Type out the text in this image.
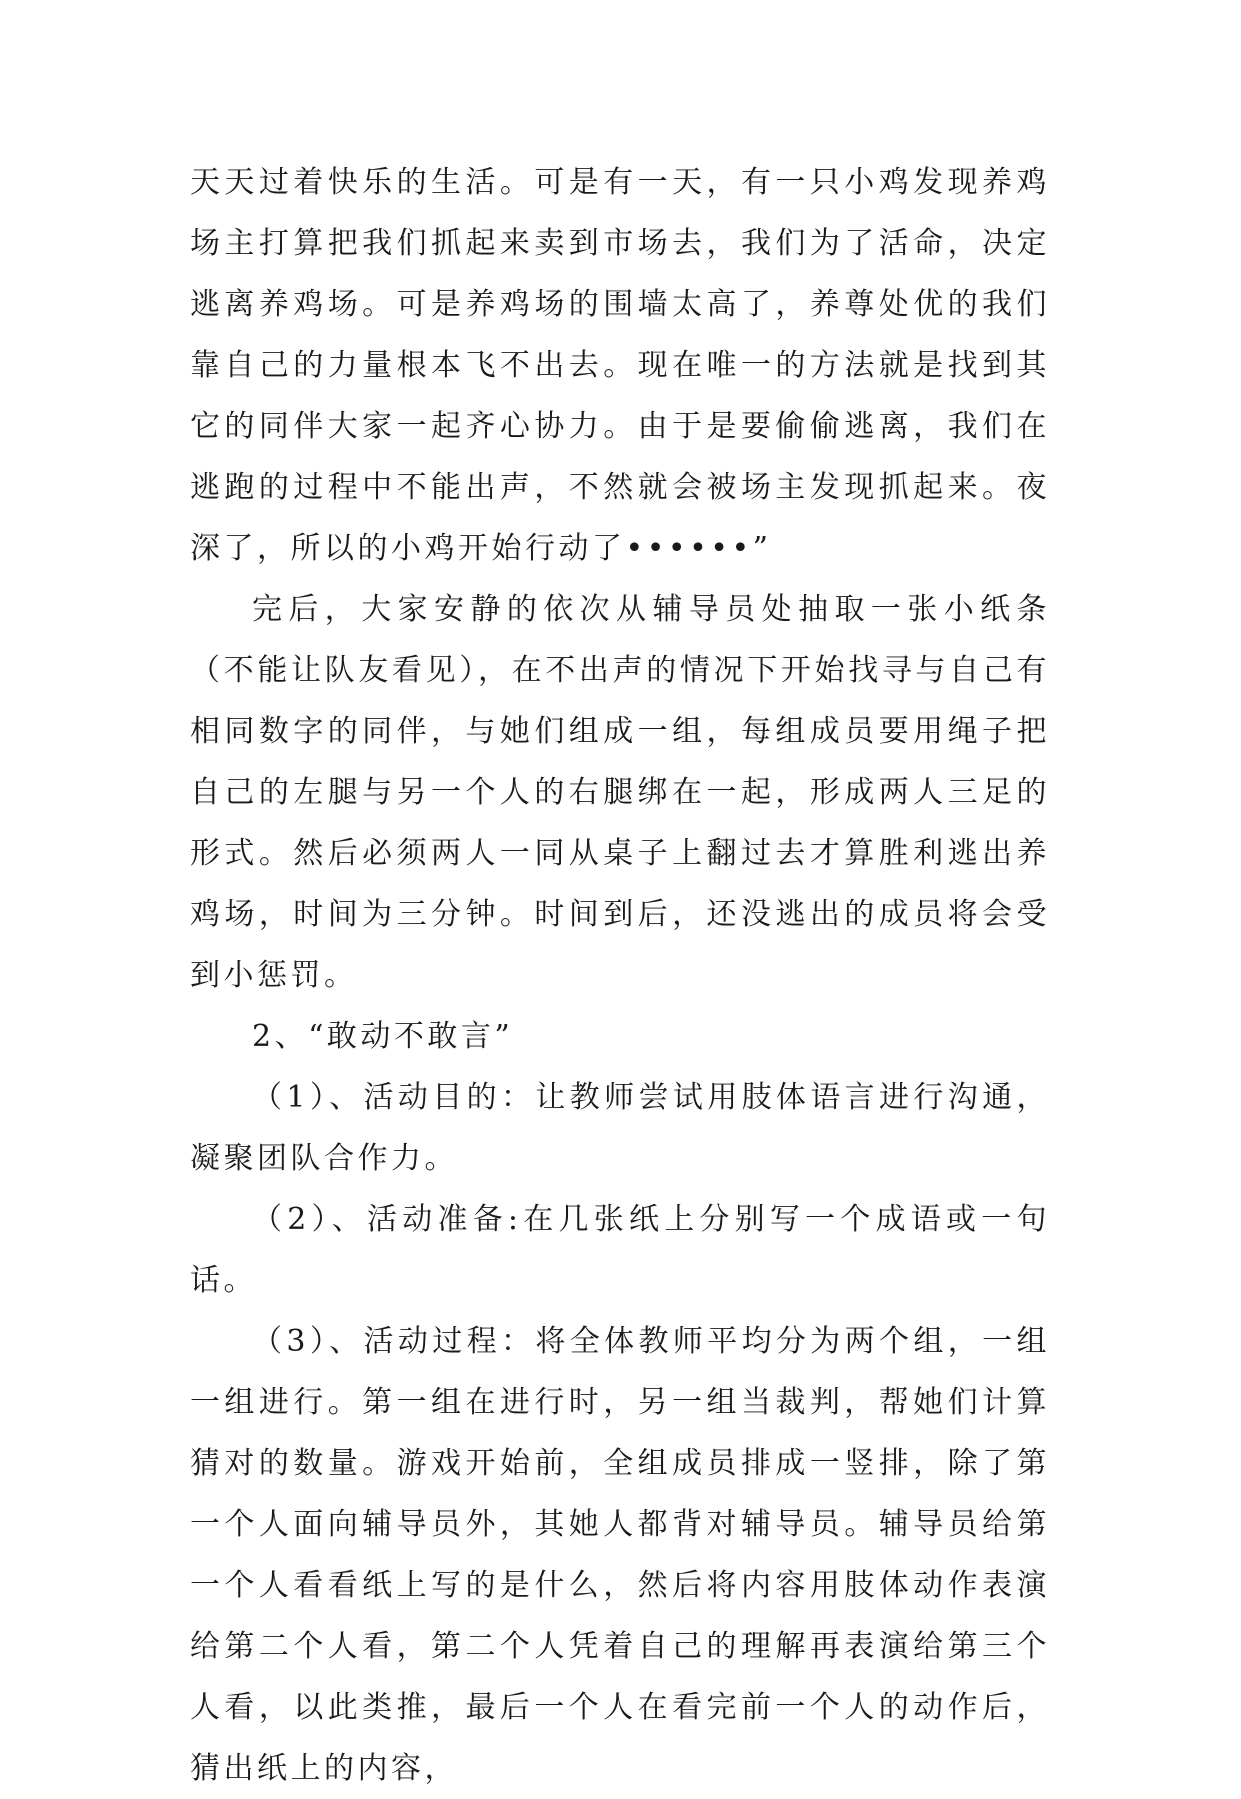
天天过着快乐的生活。可是有一天，有一只小鸡发现养鸡场主打算把我们抓起来卖到市场去，我们为了活命，决定逃离养鸡场。可是养鸡场的围墙太高了，养尊处优的我们靠自己的力量根本飞不出去。现在唯一的方法就是找到其它的同伴大家一起齐心协力。由于是要偷偷逃离，我们在逃跑的过程中不能出声，不然就会被场主发现抓起来。夜深了，所以的小鸡开始行动了••••••”

完后，大家安静的依次从辅导员处抽取一张小纸条（不能让队友看见），在不出声的情况下开始找寻与自己有相同数字的同伴，与她们组成一组，每组成员要用绳子把自己的左腿与另一个人的右腿绑在一起，形成两人三足的形式。然后必须两人一同从桌子上翻过去才算胜利逃出养鸡场，时间为三分钟。时间到后，还没逃出的成员将会受到小惩罚。

2、“敢动不敢言”

（1）、活动目的：让教师尝试用肢体语言进行沟通，凝聚团队合作力。

（2）、活动准备:在几张纸上分别写一个成语或一句话。

（3）、活动过程：将全体教师平均分为两个组，一组一组进行。第一组在进行时，另一组当裁判，帮她们计算猜对的数量。游戏开始前，全组成员排成一竖排，除了第一个人面向辅导员外，其她人都背对辅导员。辅导员给第一个人看看纸上写的是什么，然后将内容用肢体动作表演给第二个人看，第二个人凭着自己的理解再表演给第三个人看，以此类推，最后一个人在看完前一个人的动作后，猜出纸上的内容，
